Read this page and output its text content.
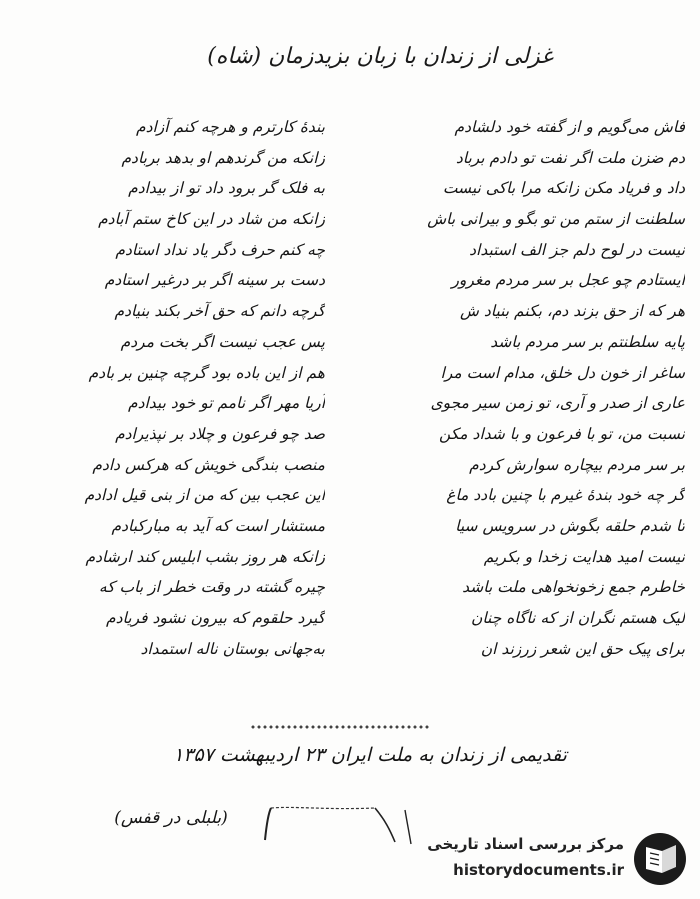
غزلی از زندان با زبان بزیدزمان (شاه)
فاش می‌گویم و از گفته خود دلشادم
دم ضزن ملت اگر نفت تو دادم برباد
داد و فریاد مکن زانکه مرا باکی نیست
سلطنت از ستم من تو بگو و بیرانی باش
نیست در لوح دلم جز الف استبداد
ایستادم چو عجل بر سر مردم مغرور
هر که از حق بزند دم، بکنم بنیاد ش
پایه سلطنتم بر سر مردم باشد
ساغر از خون دل خلق، مدام است مرا
عاری از صدر و آری، تو زمن سیر مجوی
نسبت من، تو با فرعون و با شداد مکن
بر سر مردم بیچاره سوارش کردم
گر چه خود بندهٔ غیرم با چنین بادد ماغ
تا شدم حلقه بگوش در سرویس سیا
نیست امید هدایت زخدا و بکریم
خاطرم جمع زخونخواهی ملت باشد
لیک هستم نگران از که ناگاه چنان
برای پیک حق این شعر زرزند ان
بندهٔ کارترم و هرچه کنم آزادم
زانکه من گرندهم او بدهد بربادم
به فلک گر برود داد تو از بیدادم
زانکه من شاد در این کاخ ستم آبادم
چه کنم حرف دگر یاد نداد استادم
دست بر سینه اگر بر درغیر استادم
گرچه دانم که حق آخر بکند بنیادم
پس عجب نیست اگر بخت مردم
هم از این باده بود گرچه چنین بر بادم
آریا مهر اگر نامم تو خود بیدادم
صد چو فرعون و چلاد بر نپذیرادم
منصب بندگی خویش که هرکس دادم
این عجب بین که من از بنی قیل ادادم
مستشار است که آید به مبارکبادم
زانکه هر روز بشب ابلیس کند ارشادم
چیره گشته در وقت خطر از باب که
گیرد حلقوم که بیرون نشود فریادم
به‌جهانی بوستان ناله استمداد
تقدیمی از زندان به ملت ایران ۲۳ اردیبهشت ۱۳۵۷
(بلبلی در قفس)
مرکز بررسی اسناد تاریخی
historydocuments.ir
